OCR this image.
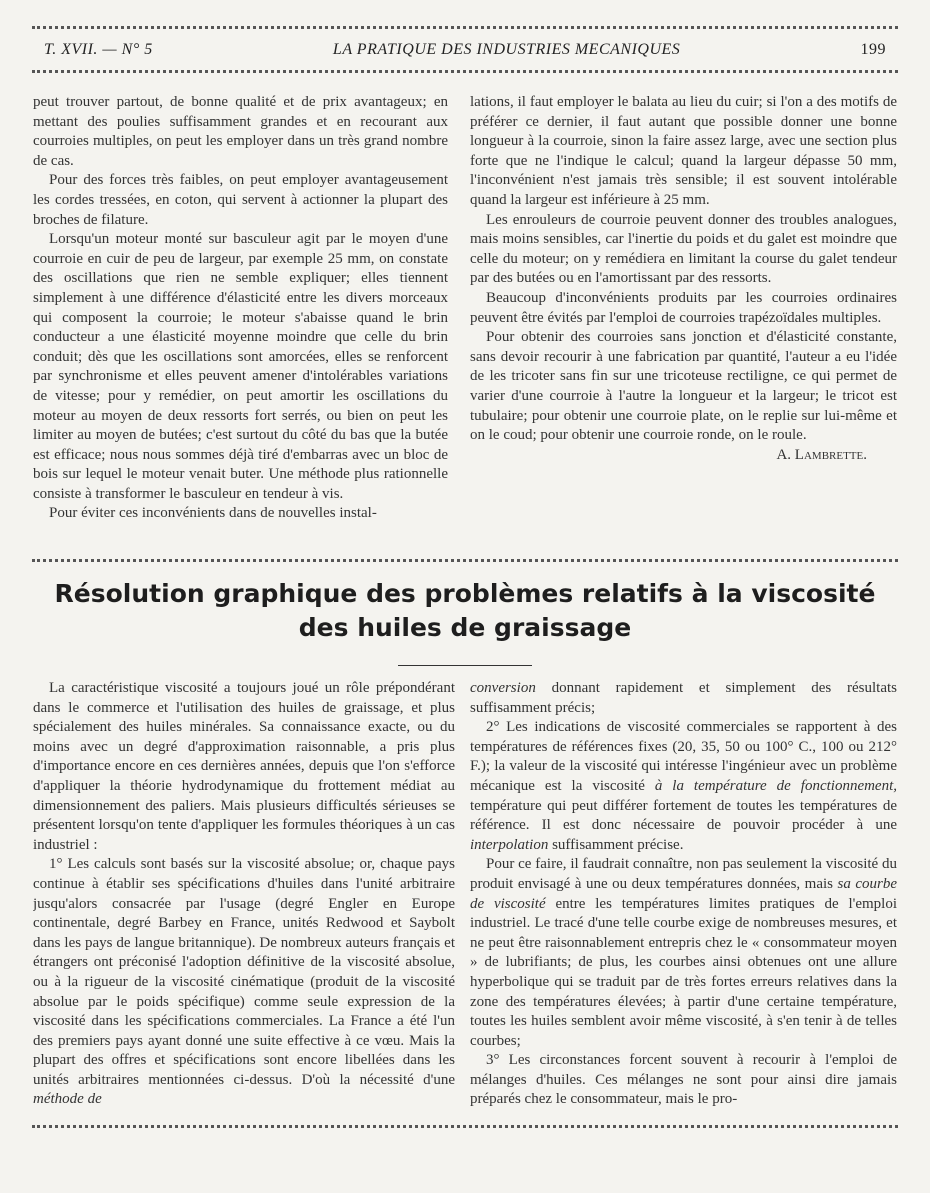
T. XVII. — N° 5	LA PRATIQUE DES INDUSTRIES MECANIQUES	199

peut trouver partout, de bonne qualité et de prix avantageux; en mettant des poulies suffisamment grandes et en recourant aux courroies multiples, on peut les employer dans un très grand nombre de cas.

Pour des forces très faibles, on peut employer avantageusement les cordes tressées, en coton, qui servent à actionner la plupart des broches de filature.

Lorsqu'un moteur monté sur basculeur agit par le moyen d'une courroie en cuir de peu de largeur, par exemple 25 mm, on constate des oscillations que rien ne semble expliquer; elles tiennent simplement à une différence d'élasticité entre les divers morceaux qui composent la courroie; le moteur s'abaisse quand le brin conducteur a une élasticité moyenne moindre que celle du brin conduit; dès que les oscillations sont amorcées, elles se renforcent par synchronisme et elles peuvent amener d'intolérables variations de vitesse; pour y remédier, on peut amortir les oscillations du moteur au moyen de deux ressorts fort serrés, ou bien on peut les limiter au moyen de butées; c'est surtout du côté du bas que la butée est efficace; nous nous sommes déjà tiré d'embarras avec un bloc de bois sur lequel le moteur venait buter. Une méthode plus rationnelle consiste à transformer le basculeur en tendeur à vis.

Pour éviter ces inconvénients dans de nouvelles instal-

lations, il faut employer le balata au lieu du cuir; si l'on a des motifs de préférer ce dernier, il faut autant que possible donner une bonne longueur à la courroie, sinon la faire assez large, avec une section plus forte que ne l'indique le calcul; quand la largeur dépasse 50 mm, l'inconvénient n'est jamais très sensible; il est souvent intolérable quand la largeur est inférieure à 25 mm.

Les enrouleurs de courroie peuvent donner des troubles analogues, mais moins sensibles, car l'inertie du poids et du galet est moindre que celle du moteur; on y remédiera en limitant la course du galet tendeur par des butées ou en l'amortissant par des ressorts.

Beaucoup d'inconvénients produits par les courroies ordinaires peuvent être évités par l'emploi de courroies trapézoïdales multiples.

Pour obtenir des courroies sans jonction et d'élasticité constante, sans devoir recourir à une fabrication par quantité, l'auteur a eu l'idée de les tricoter sans fin sur une tricoteuse rectiligne, ce qui permet de varier d'une courroie à l'autre la longueur et la largeur; le tricot est tubulaire; pour obtenir une courroie plate, on le replie sur lui-même et on le coud; pour obtenir une courroie ronde, on le roule.

A. Lambrette.

Résolution graphique des problèmes relatifs à la viscosité
des huiles de graissage

La caractéristique viscosité a toujours joué un rôle prépondérant dans le commerce et l'utilisation des huiles de graissage, et plus spécialement des huiles minérales. Sa connaissance exacte, ou du moins avec un degré d'approximation raisonnable, a pris plus d'importance encore en ces dernières années, depuis que l'on s'efforce d'appliquer la théorie hydrodynamique du frottement médiat au dimensionnement des paliers. Mais plusieurs difficultés sérieuses se présentent lorsqu'on tente d'appliquer les formules théoriques à un cas industriel :

1° Les calculs sont basés sur la viscosité absolue; or, chaque pays continue à établir ses spécifications d'huiles dans l'unité arbitraire jusqu'alors consacrée par l'usage (degré Engler en Europe continentale, degré Barbey en France, unités Redwood et Saybolt dans les pays de langue britannique). De nombreux auteurs français et étrangers ont préconisé l'adoption définitive de la viscosité absolue, ou à la rigueur de la viscosité cinématique (produit de la viscosité absolue par le poids spécifique) comme seule expression de la viscosité dans les spécifications commerciales. La France a été l'un des premiers pays ayant donné une suite effective à ce vœu. Mais la plupart des offres et spécifications sont encore libellées dans les unités arbitraires mentionnées ci-dessus. D'où la nécessité d'une méthode de

conversion donnant rapidement et simplement des résultats suffisamment précis;

2° Les indications de viscosité commerciales se rapportent à des températures de références fixes (20, 35, 50 ou 100° C., 100 ou 212° F.); la valeur de la viscosité qui intéresse l'ingénieur avec un problème mécanique est la viscosité à la température de fonctionnement, température qui peut différer fortement de toutes les températures de référence. Il est donc nécessaire de pouvoir procéder à une interpolation suffisamment précise.

Pour ce faire, il faudrait connaître, non pas seulement la viscosité du produit envisagé à une ou deux températures données, mais sa courbe de viscosité entre les températures limites pratiques de l'emploi industriel. Le tracé d'une telle courbe exige de nombreuses mesures, et ne peut être raisonnablement entrepris chez le « consommateur moyen » de lubrifiants; de plus, les courbes ainsi obtenues ont une allure hyperbolique qui se traduit par de très fortes erreurs relatives dans la zone des températures élevées; à partir d'une certaine température, toutes les huiles semblent avoir même viscosité, à s'en tenir à de telles courbes;

3° Les circonstances forcent souvent à recourir à l'emploi de mélanges d'huiles. Ces mélanges ne sont pour ainsi dire jamais préparés chez le consommateur, mais le pro-
